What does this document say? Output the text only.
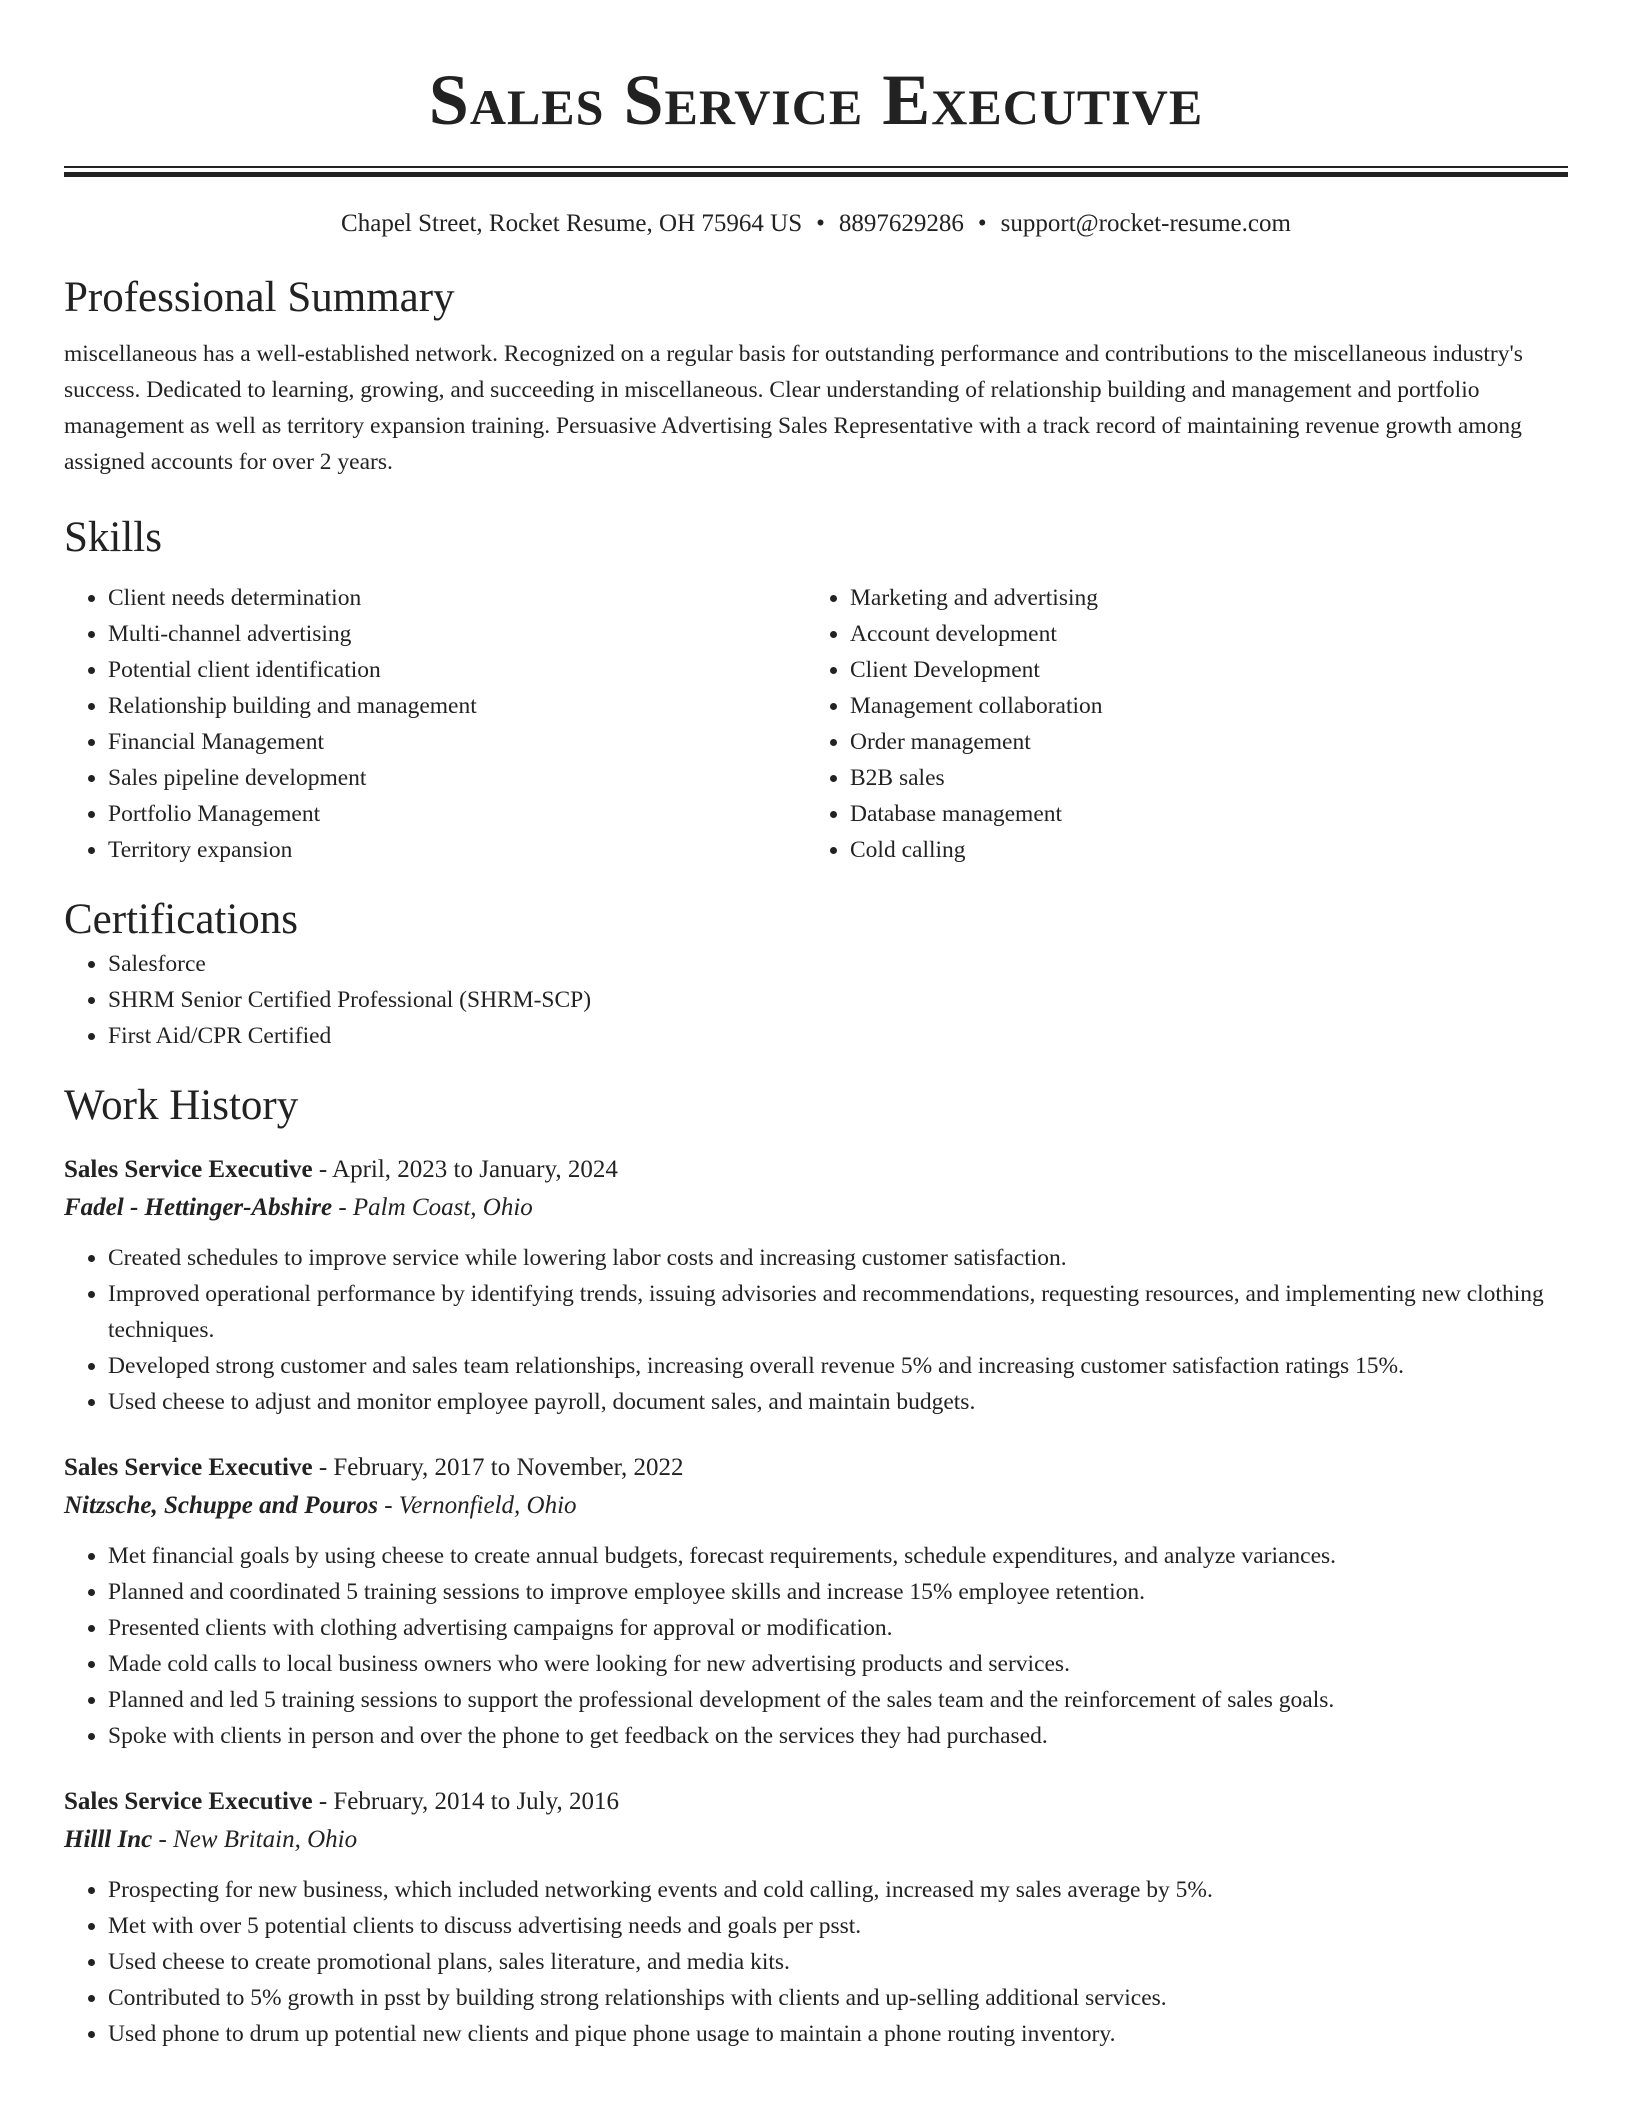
Sales Service Executive
Chapel Street, Rocket Resume, OH 75964 US • 8897629286 • support@rocket-resume.com
Professional Summary
miscellaneous has a well-established network. Recognized on a regular basis for outstanding performance and contributions to the miscellaneous industry's success. Dedicated to learning, growing, and succeeding in miscellaneous. Clear understanding of relationship building and management and portfolio management as well as territory expansion training. Persuasive Advertising Sales Representative with a track record of maintaining revenue growth among assigned accounts for over 2 years.
Skills
• Client needs determination
• Multi-channel advertising
• Potential client identification
• Relationship building and management
• Financial Management
• Sales pipeline development
• Portfolio Management
• Territory expansion
• Marketing and advertising
• Account development
• Client Development
• Management collaboration
• Order management
• B2B sales
• Database management
• Cold calling
Certifications
• Salesforce
• SHRM Senior Certified Professional (SHRM-SCP)
• First Aid/CPR Certified
Work History
Sales Service Executive - April, 2023 to January, 2024
Fadel - Hettinger-Abshire - Palm Coast, Ohio
• Created schedules to improve service while lowering labor costs and increasing customer satisfaction.
• Improved operational performance by identifying trends, issuing advisories and recommendations, requesting resources, and implementing new clothing techniques.
• Developed strong customer and sales team relationships, increasing overall revenue 5% and increasing customer satisfaction ratings 15%.
• Used cheese to adjust and monitor employee payroll, document sales, and maintain budgets.
Sales Service Executive - February, 2017 to November, 2022
Nitzsche, Schuppe and Pouros - Vernonfield, Ohio
• Met financial goals by using cheese to create annual budgets, forecast requirements, schedule expenditures, and analyze variances.
• Planned and coordinated 5 training sessions to improve employee skills and increase 15% employee retention.
• Presented clients with clothing advertising campaigns for approval or modification.
• Made cold calls to local business owners who were looking for new advertising products and services.
• Planned and led 5 training sessions to support the professional development of the sales team and the reinforcement of sales goals.
• Spoke with clients in person and over the phone to get feedback on the services they had purchased.
Sales Service Executive - February, 2014 to July, 2016
Hilll Inc - New Britain, Ohio
• Prospecting for new business, which included networking events and cold calling, increased my sales average by 5%.
• Met with over 5 potential clients to discuss advertising needs and goals per psst.
• Used cheese to create promotional plans, sales literature, and media kits.
• Contributed to 5% growth in psst by building strong relationships with clients and up-selling additional services.
• Used phone to drum up potential new clients and pique phone usage to maintain a phone routing inventory.
